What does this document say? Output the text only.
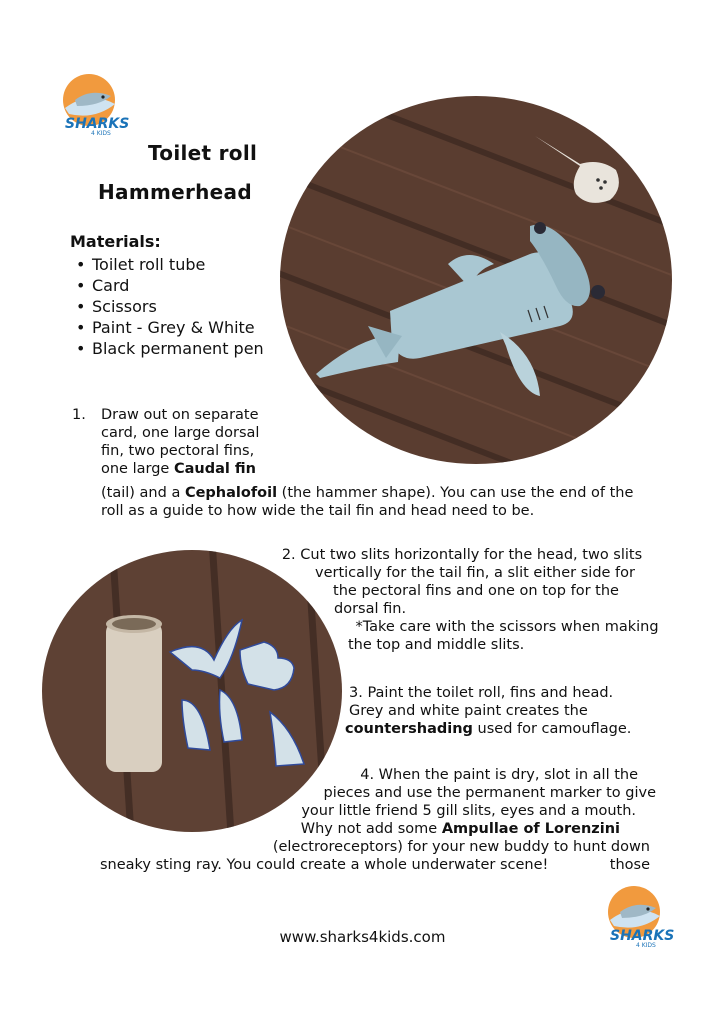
SHARKS
4 KIDS
Toilet roll
Hammerhead
Materials:
• Toilet roll tube
• Card
• Scissors
• Paint - Grey & White
• Black permanent pen
1. Draw out on separate
card, one large dorsal
fin, two pectoral fins,
one large Caudal fin
(tail) and a Cephalofoil (the hammer shape). You can use the end of the
roll as a guide to how wide the tail fin and head need to be.
2. Cut two slits horizontally for the head, two slits
vertically for the tail fin, a slit either side for
the pectoral fins and one on top for the
dorsal fin.
*Take care with the scissors when making
the top and middle slits.
3. Paint the toilet roll, fins and head.
Grey and white paint creates the
countershading used for camouflage.
4. When the paint is dry, slot in all the
pieces and use the permanent marker to give
your little friend 5 gill slits, eyes and a mouth.
Why not add some Ampullae of Lorenzini
(electroreceptors) for your new buddy to hunt down those
sneaky sting ray. You could create a whole underwater scene!
SHARKS
4 KIDS
www.sharks4kids.com
